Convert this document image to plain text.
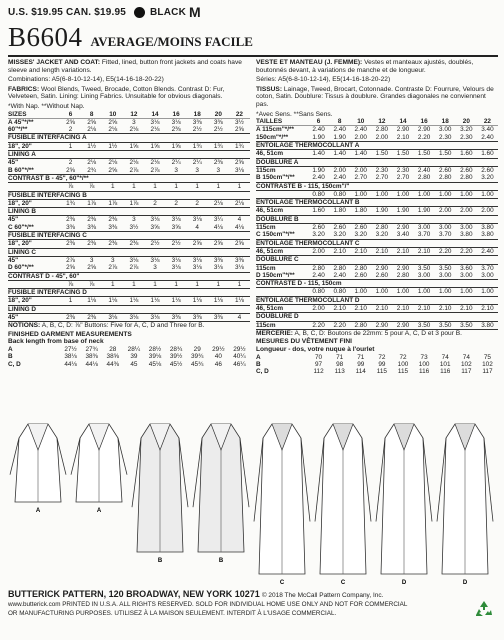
U.S. $19.95 CAN. $19.95 BLACK M
B6604 AVERAGE/MOINS FACILE

MISSES' JACKET AND COAT: Fitted, lined, button front jackets and coats have sleeve and length variations.

Combinations: A5(6-8-10-12-14), E5(14-16-18-20-22)

FABRICS: Wool Blends, Tweed, Brocade, Cotton Blends. Contrast D: Fur, Velveteen, Satin. Lining: Lining Fabrics. Unsuitable for obvious diagonals.

*With Nap. **Without Nap.
SIZES	6	8	10	12	14	16	18	20	22
A 45"*/**	2⅝	2⅝	2⅝	3	3⅛	3⅛	3⅜	3⅜	3½
60"*/**	2	2⅛	2⅛	2⅛	2⅛	2⅜	2½	2½	2⅝
FUSIBLE INTERFACING A									
18", 20"	1	1½	1½	1⅝	1⅝	1⅝	1¾	1¾	1¾
LINING A									
45"	2	2⅛	2⅛	2⅛	2⅛	2¼	2¼	2⅜	2⅝
B 60"*/**	2⅝	2¾	2⅝	2⅞	2⅞	3	3	3	3⅛
CONTRAST B - 45", 60"*/**									
	⅞	⅞	1	1	1	1	1	1	1
FUSIBLE INTERFACING B									
18", 20"	1¾	1⅞	1⅞	1⅞	2	2	2	2⅛	2⅛
LINING B									
45"	2⅜	2⅜	2⅜	3	3⅛	3⅛	3⅛	3¼	4
C 60"*/**	3⅜	3⅜	3⅜	3½	3⅝	3⅝	4	4⅛	4⅛
FUSIBLE INTERFACING C									
18", 20"	2⅜	2⅜	2⅜	2⅜	2½	2½	2⅝	2⅝	2⅝
LINING C									
45"	2⅞	3	3	3⅛	3⅛	3⅛	3⅛	3⅜	3⅜
D 60"*/**	2⅝	2⅝	2⅞	2⅞	3	3⅛	3⅛	3⅛	3⅛
CONTRAST D - 45", 60"									
	⅞	⅞	1	1	1	1	1	1	1
FUSIBLE INTERFACING D									
18", 20"	1	1⅛	1⅛	1⅛	1⅛	1⅛	1⅛	1⅛	1⅛
LINING D									
45"	2⅜	2⅜	3⅛	3⅛	3⅛	3⅜	3⅜	3⅜	4
NOTIONS: A, B, C, D: ⅞" Buttons: Five for A, C, D and Three for B.
FINISHED GARMENT MEASUREMENTS
Back length from base of neck
A	27½	27¾	28	28¼	28½	28¾	29	29½	29½
B	38⅛	38⅜	38⅝	39	39⅛	39½	39¾	40	40¼
C, D	44⅛	44⅛	44⅜	45	45⅛	45½	45¾	46	46¼

VESTE ET MANTEAU (J. FEMME): Vestes et manteaux ajustés, doublés, boutonnés devant, à variations de manche et de longueur.

Séries: A5(6-8-10-12-14), E5(14-16-18-20-22)

TISSUS: Lainage, Tweed, Brocart, Cotonnade. Contraste D: Fourrure, Velours de coton, Satin. Doublure: Tissus à doublure. Grandes diagonales ne conviennent pas.

*Avec Sens. **Sans Sens.
TAILLES	6	8	10	12	14	16	18	20	22
A 115cm"*/**	2.40	2.40	2.40	2.80	2.90	2.90	3.00	3.20	3.40
150cm"*/**	1.90	1.90	2.00	2.00	2.10	2.20	2.30	2.30	2.40
ENTOILAGE THERMOCOLLANT A									
46, 51cm	1.40	1.40	1.40	1.50	1.50	1.50	1.50	1.60	1.60
DOUBLURE A									
115cm	1.90	2.00	2.00	2.30	2.30	2.40	2.60	2.60	2.60
B 150cm"*/**	2.40	2.40	2.70	2.70	2.70	2.80	2.80	2.80	3.20
CONTRASTE B - 115, 150cm"/"									
	0.80	0.80	1.00	1.00	1.00	1.00	1.00	1.00	1.00
ENTOILAGE THERMOCOLLANT B									
46, 51cm	1.60	1.80	1.80	1.90	1.90	1.90	2.00	2.00	2.00
DOUBLURE B									
115cm	2.60	2.60	2.60	2.80	2.90	3.00	3.00	3.00	3.80
C 150cm"*/**	3.20	3.20	3.20	3.20	3.40	3.70	3.70	3.80	3.80
ENTOILAGE THERMOCOLLANT C									
46, 51cm	2.00	2.10	2.10	2.10	2.10	2.10	2.20	2.20	2.40
DOUBLURE C									
115cm	2.80	2.80	2.80	2.90	2.90	3.50	3.50	3.60	3.70
D 150cm"*/**	2.40	2.40	2.60	2.60	2.80	3.00	3.00	3.00	3.00
CONTRASTE D - 115, 150cm									
	0.80	0.80	1.00	1.00	1.00	1.00	1.00	1.00	1.00
ENTOILAGE THERMOCOLLANT D									
46, 51cm	2.00	2.10	2.10	2.10	2.10	2.10	2.10	2.10	2.10
DOUBLURE D									
115cm	2.20	2.20	2.80	2.90	2.90	3.50	3.50	3.50	3.80
MERCERIE: A, B, C, D: Boutons de 22mm: 5 pour A, C, D et 3 pour B.
MESURES DU VÊTEMENT FINI
Longueur - dos, votre nuque à l'ourlet
A	70	71	71	72	72	73	74	74	75
B	97	98	99	99	100	100	101	102	102
C, D	112	113	114	115	115	116	116	117	117
A	A
B	B
C	C	D	D
BUTTERICK PATTERN, 120 BROADWAY, NEW YORK 10271 © 2018 The McCall Pattern Company, Inc.
www.butterick.com PRINTED IN U.S.A. ALL RIGHTS RESERVED. SOLD FOR INDIVIDUAL HOME USE ONLY AND NOT FOR COMMERCIAL
OR MANUFACTURING PURPOSES. UTILISEZ À LA MAISON SEULEMENT. INTERDIT À L'USAGE COMMERCIAL.
